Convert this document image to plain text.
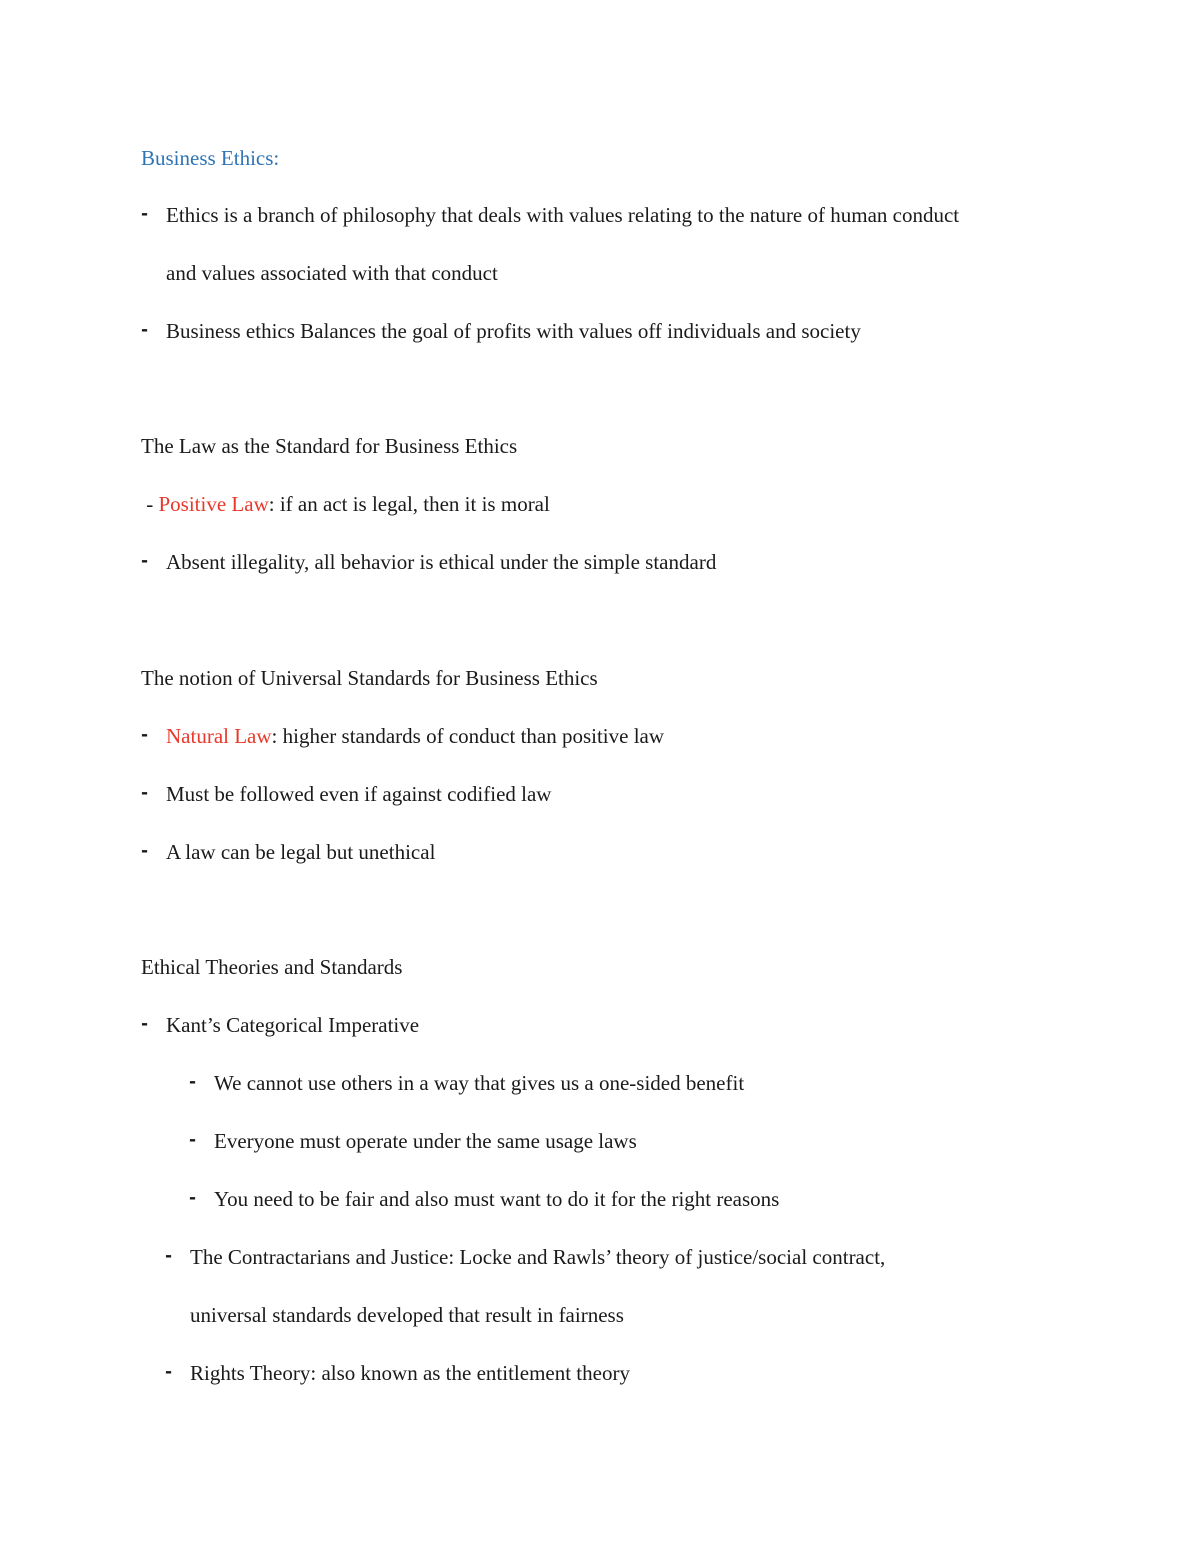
Business Ethics:
- Ethics is a branch of philosophy that deals with values relating to the nature of human conduct
and values associated with that conduct
- Business ethics Balances the goal of profits with values off individuals and society
The Law as the Standard for Business Ethics
- Positive Law: if an act is legal, then it is moral
- Absent illegality, all behavior is ethical under the simple standard
The notion of Universal Standards for Business Ethics
- Natural Law: higher standards of conduct than positive law
- Must be followed even if against codified law
- A law can be legal but unethical
Ethical Theories and Standards
- Kant’s Categorical Imperative
- We cannot use others in a way that gives us a one-sided benefit
- Everyone must operate under the same usage laws
- You need to be fair and also must want to do it for the right reasons
- The Contractarians and Justice: Locke and Rawls’ theory of justice/social contract,
universal standards developed that result in fairness
- Rights Theory: also known as the entitlement theory
